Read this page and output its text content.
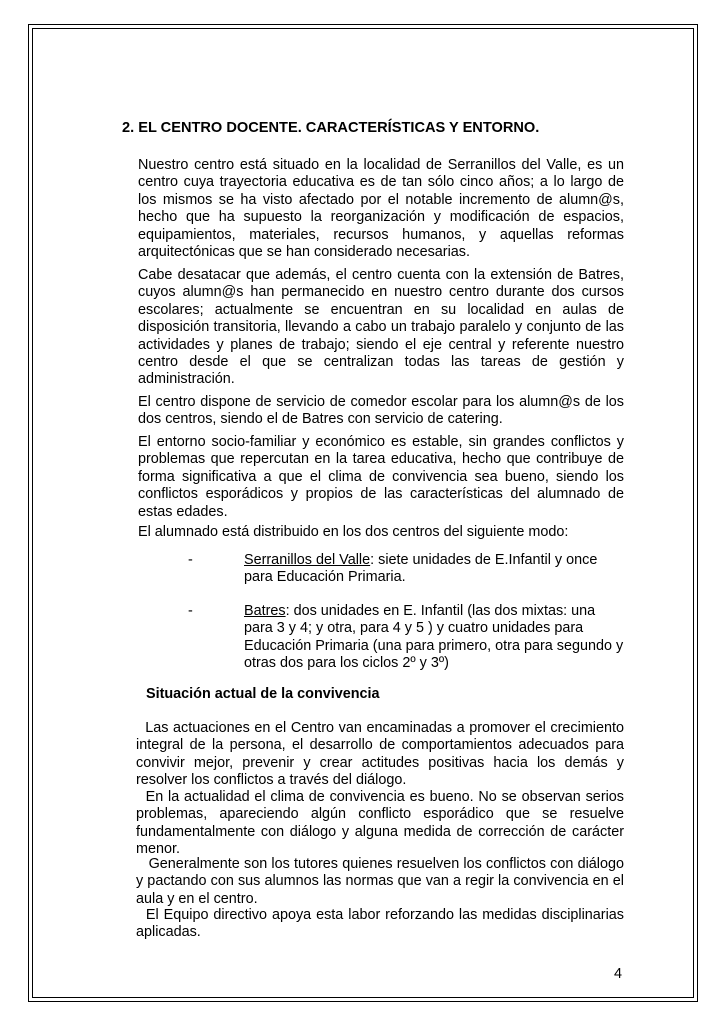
2. EL CENTRO DOCENTE. CARACTERÍSTICAS Y ENTORNO.

Nuestro centro está situado en la localidad de Serranillos del Valle, es un centro cuya trayectoria educativa es de tan sólo cinco años; a lo largo de los mismos se ha visto afectado por el notable incremento de alumn@s, hecho que ha supuesto la reorganización y modificación de espacios, equipamientos, materiales, recursos humanos, y aquellas reformas arquitectónicas que se han considerado necesarias.

Cabe desatacar que además, el centro cuenta con la extensión de Batres, cuyos alumn@s han permanecido en nuestro centro durante dos cursos escolares; actualmente se encuentran en su localidad en aulas de disposición transitoria, llevando a cabo un trabajo paralelo y conjunto de las actividades y planes de trabajo; siendo el eje central y referente nuestro centro desde el que se centralizan todas las tareas de gestión y administración.

El centro dispone de servicio de comedor escolar para los alumn@s de los dos centros, siendo el de Batres con servicio de catering.

El entorno socio-familiar y económico es estable, sin grandes conflictos y problemas que repercutan en la tarea educativa, hecho que contribuye de forma significativa a que el clima de convivencia sea bueno, siendo los conflictos esporádicos y propios de las características del alumnado de estas edades.

El alumnado está distribuido en los dos centros del siguiente modo:

-	Serranillos del Valle: siete unidades de E.Infantil y once para Educación Primaria.

-	Batres: dos unidades en E. Infantil (las dos mixtas: una para 3 y 4; y otra, para 4 y 5 ) y cuatro unidades para Educación Primaria (una para primero, otra para segundo y otras dos para los ciclos 2º y 3º)

Situación actual de la convivencia

Las actuaciones en el Centro van encaminadas a promover el crecimiento integral de la persona, el desarrollo de comportamientos adecuados para convivir mejor, prevenir y crear actitudes positivas hacia los demás y resolver los conflictos a través del diálogo.

En la actualidad el clima de convivencia es bueno. No se observan serios problemas, apareciendo algún conflicto esporádico que se resuelve fundamentalmente con diálogo y alguna medida de corrección de carácter menor.

Generalmente son los tutores quienes resuelven los conflictos con diálogo y pactando con sus alumnos las normas que van a regir la convivencia en el aula y en el centro.

El Equipo directivo apoya esta labor reforzando las medidas disciplinarias aplicadas.

4
